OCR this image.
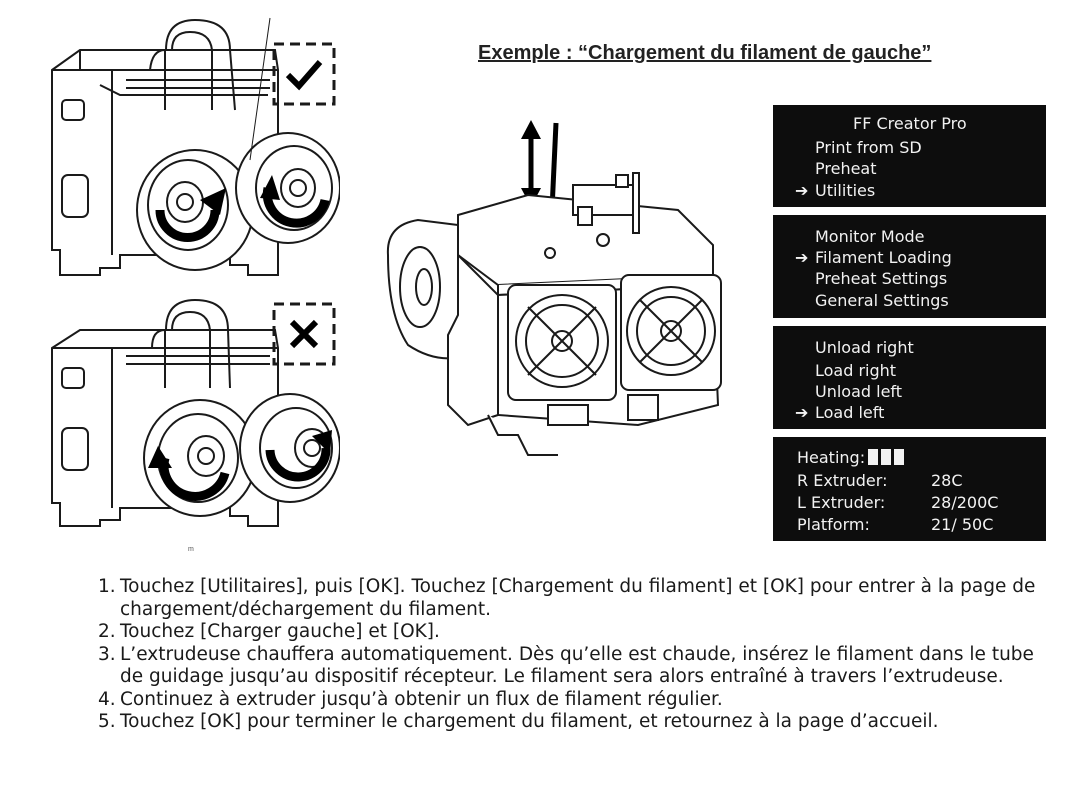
m
Exemple : “Chargement du filament de gauche”
FF Creator Pro
Print from SD
Preheat
➔ Utilities
Monitor Mode
➔ Filament Loading
Preheat Settings
General Settings
Unload right
Load right
Unload left
➔ Load left
Heating:
R Extruder:	28C
L Extruder:	28/200C
Platform:	21/ 50C
1. Touchez [Utilitaires], puis [OK]. Touchez [Chargement du filament] et [OK] pour entrer à la page de chargement/déchargement du filament.
2. Touchez [Charger gauche] et [OK].
3. L’extrudeuse chauffera automatiquement. Dès qu’elle est chaude, insérez le filament dans le tube de guidage jusqu’au dispositif récepteur. Le filament sera alors entraîné à travers l’extrudeuse.
4. Continuez à extruder jusqu’à obtenir un flux de filament régulier.
5. Touchez [OK] pour terminer le chargement du filament, et retournez à la page d’accueil.
